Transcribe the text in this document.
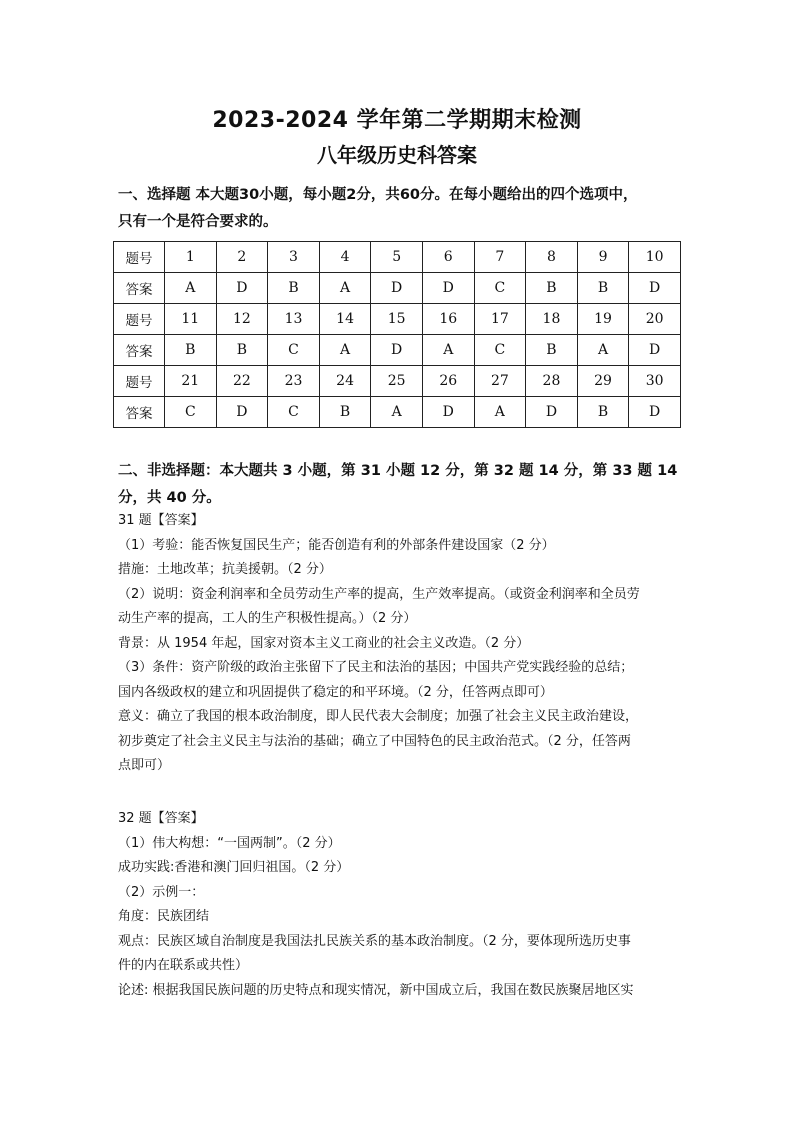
2023-2024 学年第二学期期末检测
八年级历史科答案
一、选择题 本大题30小题，每小题2分，共60分。在每小题给出的四个选项中，
只有一个是符合要求的。
题号	1	2	3	4	5	6	7	8	9	10
答案	A	D	B	A	D	D	C	B	B	D
题号	11	12	13	14	15	16	17	18	19	20
答案	B	B	C	A	D	A	C	B	A	D
题号	21	22	23	24	25	26	27	28	29	30
答案	C	D	C	B	A	D	A	D	B	D
二、非选择题：本大题共 3 小题，第 31 小题 12 分，第 32 题 14 分，第 33 题 14
分，共 40 分。
31 题【答案】
（1）考验：能否恢复国民生产；能否创造有利的外部条件建设国家（2 分）
措施：土地改革；抗美援朝。（2 分）
（2）说明：资金利润率和全员劳动生产率的提高，生产效率提高。（或资金利润率和全员劳
动生产率的提高，工人的生产积极性提高。）（2 分）
背景：从 1954 年起，国家对资本主义工商业的社会主义改造。（2 分）
（3）条件：资产阶级的政治主张留下了民主和法治的基因；中国共产党实践经验的总结；
国内各级政权的建立和巩固提供了稳定的和平环境。（2 分，任答两点即可）
意义：确立了我国的根本政治制度，即人民代表大会制度；加强了社会主义民主政治建设，
初步奠定了社会主义民主与法治的基础；确立了中国特色的民主政治范式。（2 分，任答两
点即可）
32 题【答案】
（1）伟大构想：“一国两制”。（2 分）
成功实践:香港和澳门回归祖国。（2 分）
（2）示例一：
角度：民族团结
观点：民族区域自治制度是我国法扎民族关系的基本政治制度。（2 分，要体现所选历史事
件的内在联系或共性）
论述: 根据我国民族问题的历史特点和现实情况，新中国成立后，我国在数民族聚居地区实
